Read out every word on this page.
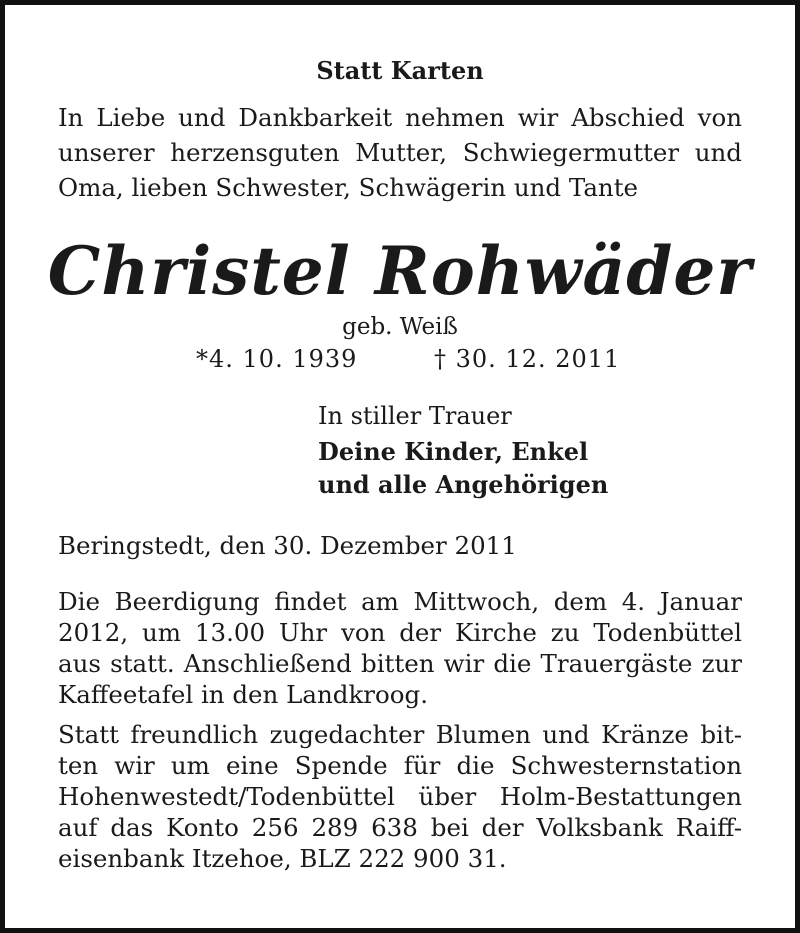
Statt Karten

In Liebe und Dankbarkeit nehmen wir Abschied von
unserer herzensguten Mutter, Schwiegermutter und
Oma, lieben Schwester, Schwägerin und Tante

Christel Rohwäder
geb. Weiß
*4. 10. 1939	† 30. 12. 2011
In stiller Trauer
Deine Kinder, Enkel
und alle Angehörigen
Beringstedt, den 30. Dezember 2011

Die Beerdigung findet am Mittwoch, dem 4. Januar
2012, um 13.00 Uhr von der Kirche zu Todenbüttel
aus statt. Anschließend bitten wir die Trauergäste zur
Kaffeetafel in den Landkroog.

Statt freundlich zugedachter Blumen und Kränze bit-
ten wir um eine Spende für die Schwesternstation
Hohenwestedt/Todenbüttel über Holm-Bestattungen
auf das Konto 256 289 638 bei der Volksbank Raiff-
eisenbank Itzehoe, BLZ 222 900 31.
